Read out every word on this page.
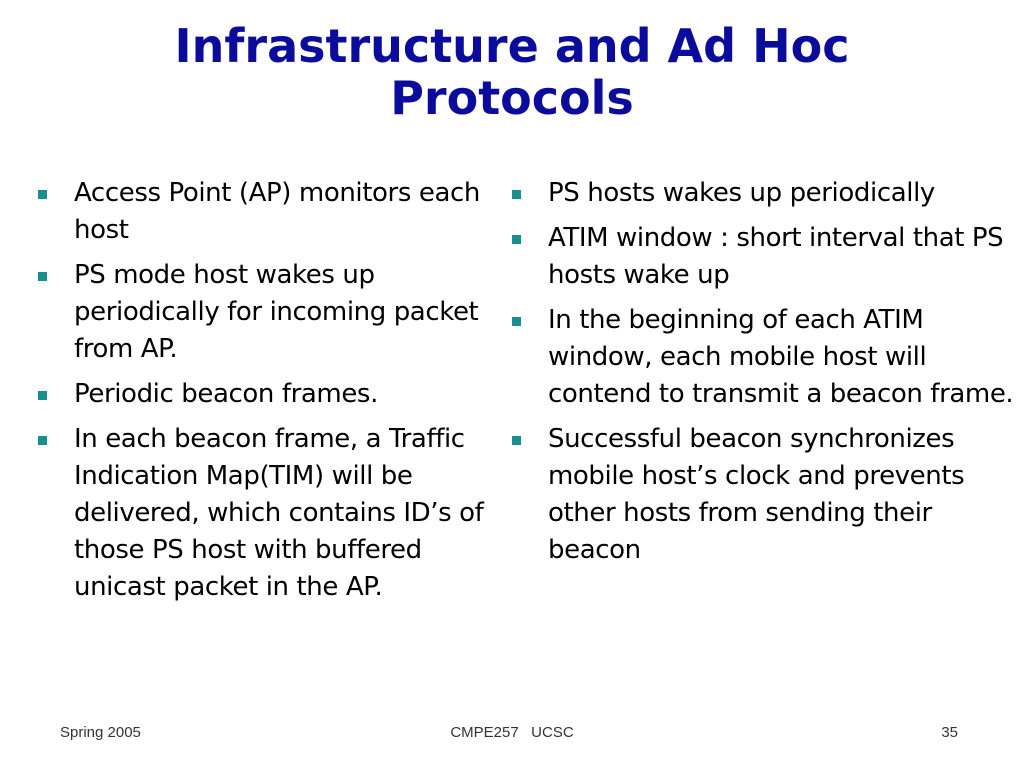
Infrastructure and Ad Hoc
Protocols
Access Point (AP) monitors each host
PS mode host wakes up periodically for incoming packet from AP.
Periodic beacon frames.
In each beacon frame, a Traffic Indication Map(TIM) will be delivered, which contains ID’s of those PS host with buffered unicast packet in the AP.
PS hosts wakes up periodically
ATIM window : short interval that PS hosts wake up
In the beginning of each ATIM window, each mobile host will contend to transmit a beacon frame.
Successful beacon synchronizes mobile host’s clock and prevents other hosts from sending their beacon
Spring 2005	CMPE257   UCSC	35
